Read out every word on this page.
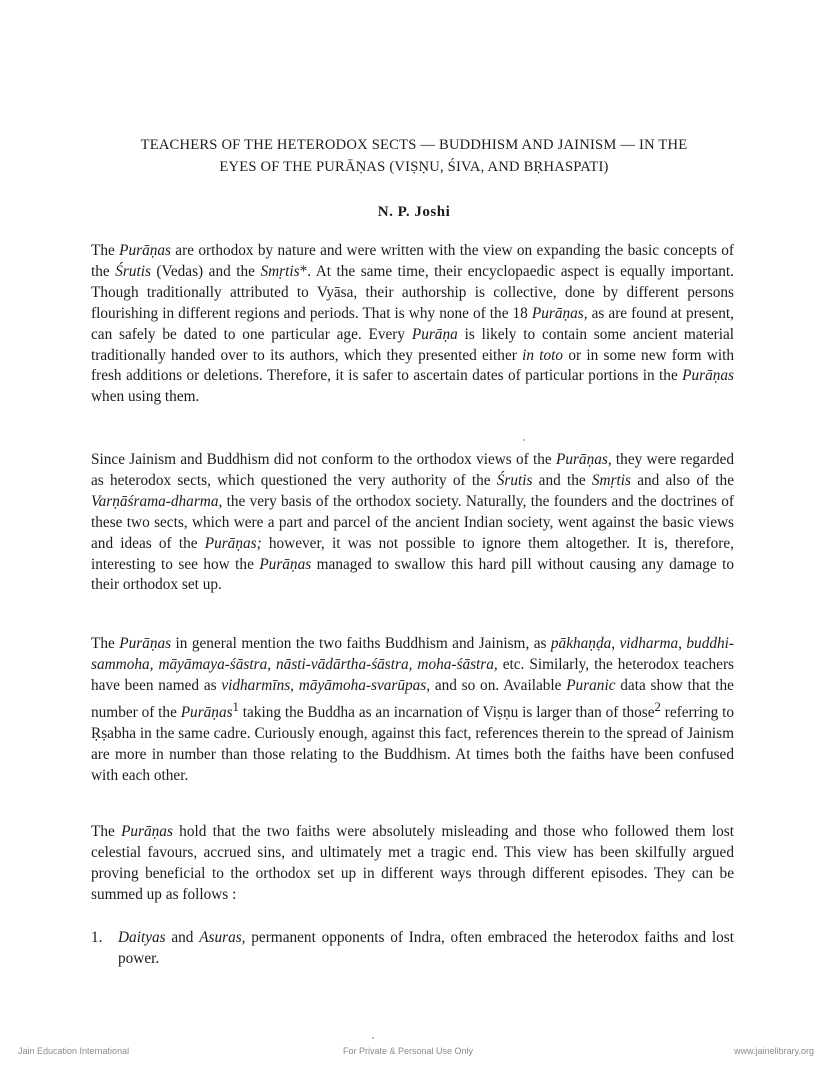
TEACHERS OF THE HETERODOX SECTS — BUDDHISM AND JAINISM — IN THE
EYES OF THE PURĀṆAS (VIṢṆU, ŚIVA, AND BṚHASPATI)
N. P. Joshi

The Purāṇas are orthodox by nature and were written with the view on expanding the basic concepts of the Śrutis (Vedas) and the Smṛtis*. At the same time, their encyclopaedic aspect is equally important. Though traditionally attributed to Vyāsa, their authorship is collective, done by different persons flourishing in different regions and periods. That is why none of the 18 Purāṇas, as are found at present, can safely be dated to one particular age. Every Purāṇa is likely to contain some ancient material traditionally handed over to its authors, which they presented either in toto or in some new form with fresh additions or deletions. Therefore, it is safer to ascertain dates of particular portions in the Purāṇas when using them.

Since Jainism and Buddhism did not conform to the orthodox views of the Purāṇas, they were regarded as heterodox sects, which questioned the very authority of the Śrutis and the Smṛtis and also of the Varṇāśrama-dharma, the very basis of the orthodox society. Naturally, the founders and the doctrines of these two sects, which were a part and parcel of the ancient Indian society, went against the basic views and ideas of the Purāṇas; however, it was not possible to ignore them altogether. It is, therefore, interesting to see how the Purāṇas managed to swallow this hard pill without causing any damage to their orthodox set up.

The Purāṇas in general mention the two faiths Buddhism and Jainism, as pākhaṇḍa, vidharma, buddhi-sammoha, māyāmaya-śāstra, nāsti-vādārtha-śāstra, moha-śāstra, etc. Similarly, the heterodox teachers have been named as vidharmīns, māyāmoha-svarūpas, and so on. Available Puranic data show that the number of the Purāṇas$^1$ taking the Buddha as an incarnation of Viṣṇu is larger than of those$^2$ referring to Ṛṣabha in the same cadre. Curiously enough, against this fact, references therein to the spread of Jainism are more in number than those relating to the Buddhism. At times both the faiths have been confused with each other.

The Purāṇas hold that the two faiths were absolutely misleading and those who followed them lost celestial favours, accrued sins, and ultimately met a tragic end. This view has been skilfully argued proving beneficial to the orthodox set up in different ways through different episodes. They can be summed up as follows :

1. Daityas and Asuras, permanent opponents of Indra, often embraced the heterodox faiths and lost power.
Jain Education International	For Private & Personal Use Only	www.jainelibrary.org
